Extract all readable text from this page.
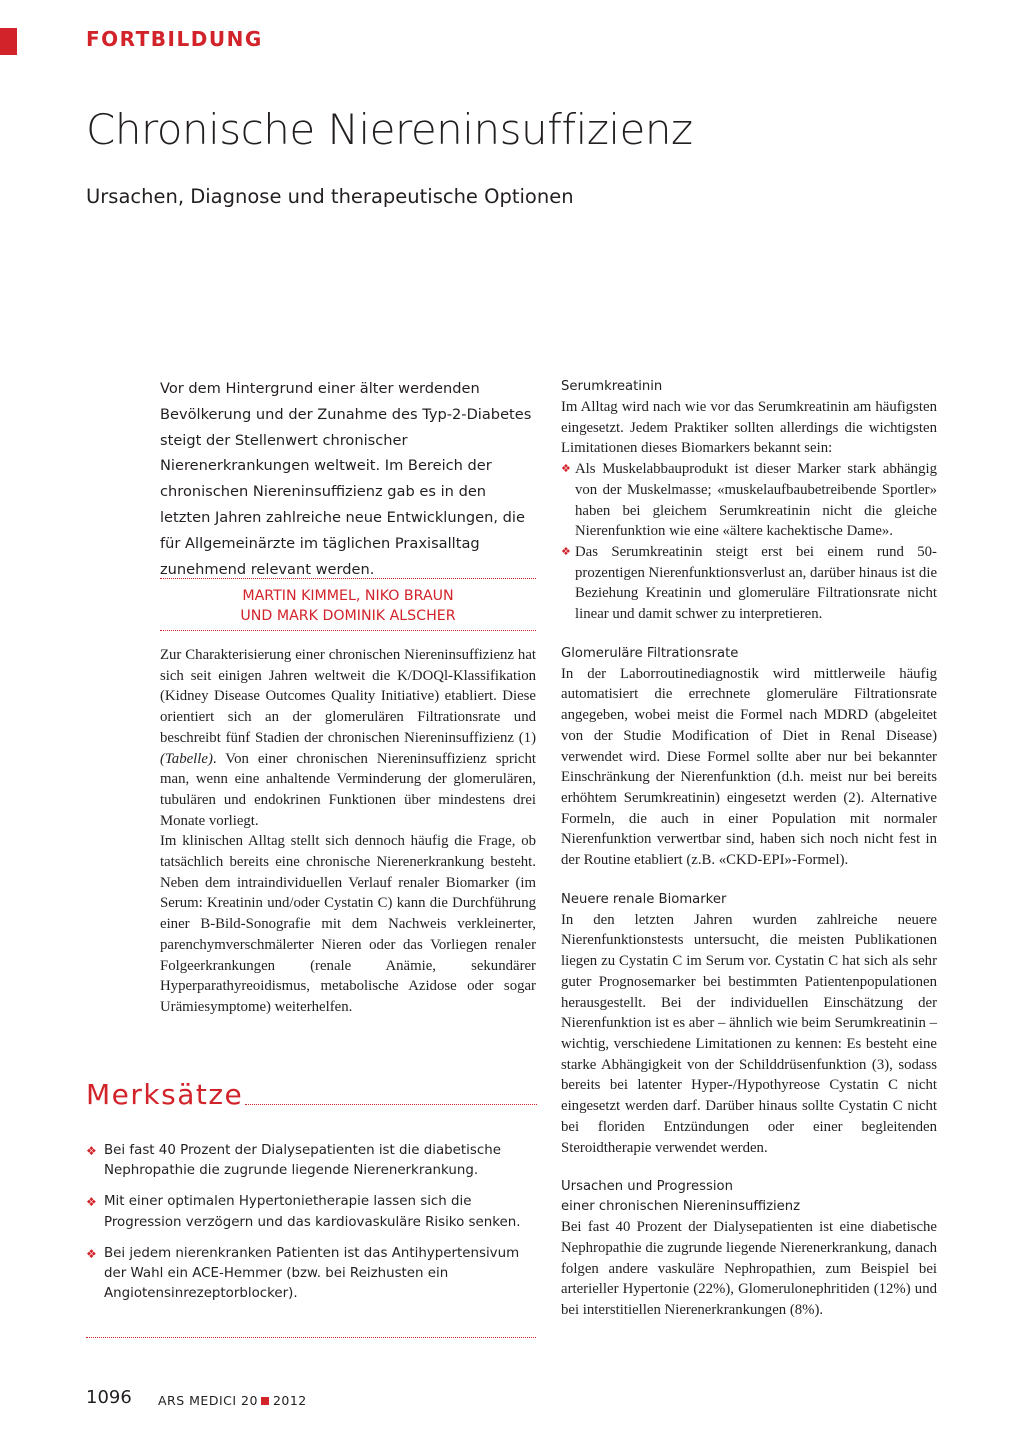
FORTBILDUNG
Chronische Niereninsuffizienz
Ursachen, Diagnose und therapeutische Optionen
Vor dem Hintergrund einer älter werdenden Bevölkerung und der Zunahme des Typ-2-Diabetes steigt der Stellenwert chronischer Nierenerkrankungen weltweit. Im Bereich der chronischen Niereninsuffizienz gab es in den letzten Jahren zahlreiche neue Entwicklungen, die für Allgemeinärzte im täglichen Praxisalltag zunehmend relevant werden.
MARTIN KIMMEL, NIKO BRAUN
UND MARK DOMINIK ALSCHER

Zur Charakterisierung einer chronischen Niereninsuffizienz hat sich seit einigen Jahren weltweit die K/DOQl-Klassifikation (Kidney Disease Outcomes Quality Initiative) etabliert. Diese orientiert sich an der glomerulären Filtrationsrate und beschreibt fünf Stadien der chronischen Niereninsuffizienz (1) (Tabelle). Von einer chronischen Niereninsuffizienz spricht man, wenn eine anhaltende Verminderung der glomerulären, tubulären und endokrinen Funktionen über mindestens drei Monate vorliegt.

Im klinischen Alltag stellt sich dennoch häufig die Frage, ob tatsächlich bereits eine chronische Nierenerkrankung besteht. Neben dem intraindividuellen Verlauf renaler Biomarker (im Serum: Kreatinin und/oder Cystatin C) kann die Durchführung einer B-Bild-Sonografie mit dem Nachweis verkleinerter, parenchymverschmälerter Nieren oder das Vorliegen renaler Folgeerkrankungen (renale Anämie, sekundärer Hyperparathyreoidismus, metabolische Azidose oder sogar Urämiesymptome) weiterhelfen.

Merksätze
❖ Bei fast 40 Prozent der Dialysepatienten ist die diabetische Nephropathie die zugrunde liegende Nierenerkrankung.
❖ Mit einer optimalen Hypertonietherapie lassen sich die Progression verzögern und das kardiovaskuläre Risiko senken.
❖ Bei jedem nierenkranken Patienten ist das Antihypertensivum der Wahl ein ACE-Hemmer (bzw. bei Reizhusten ein Angiotensinrezeptorblocker).

Serumkreatinin

Im Alltag wird nach wie vor das Serumkreatinin am häufigsten eingesetzt. Jedem Praktiker sollten allerdings die wichtigsten Limitationen dieses Biomarkers bekannt sein:

❖ Als Muskelabbauprodukt ist dieser Marker stark abhängig von der Muskelmasse; «muskelaufbaubetreibende Sportler» haben bei gleichem Serumkreatinin nicht die gleiche Nierenfunktion wie eine «ältere kachektische Dame».

❖ Das Serumkreatinin steigt erst bei einem rund 50-prozentigen Nierenfunktionsverlust an, darüber hinaus ist die Beziehung Kreatinin und glomeruläre Filtrationsrate nicht linear und damit schwer zu interpretieren.

Glomeruläre Filtrationsrate

In der Laborroutinediagnostik wird mittlerweile häufig automatisiert die errechnete glomeruläre Filtrationsrate angegeben, wobei meist die Formel nach MDRD (abgeleitet von der Studie Modification of Diet in Renal Disease) verwendet wird. Diese Formel sollte aber nur bei bekannter Einschränkung der Nierenfunktion (d.h. meist nur bei bereits erhöhtem Serumkreatinin) eingesetzt werden (2). Alternative Formeln, die auch in einer Population mit normaler Nierenfunktion verwertbar sind, haben sich noch nicht fest in der Routine etabliert (z.B. «CKD-EPI»-Formel).

Neuere renale Biomarker

In den letzten Jahren wurden zahlreiche neuere Nierenfunktionstests untersucht, die meisten Publikationen liegen zu Cystatin C im Serum vor. Cystatin C hat sich als sehr guter Prognosemarker bei bestimmten Patientenpopulationen herausgestellt. Bei der individuellen Einschätzung der Nierenfunktion ist es aber – ähnlich wie beim Serumkreatinin – wichtig, verschiedene Limitationen zu kennen: Es besteht eine starke Abhängigkeit von der Schilddrüsenfunktion (3), sodass bereits bei latenter Hyper-/Hypothyreose Cystatin C nicht eingesetzt werden darf. Darüber hinaus sollte Cystatin C nicht bei floriden Entzündungen oder einer begleitenden Steroidtherapie verwendet werden.

Ursachen und Progression

einer chronischen Niereninsuffizienz

Bei fast 40 Prozent der Dialysepatienten ist eine diabetische Nephropathie die zugrunde liegende Nierenerkrankung, danach folgen andere vaskuläre Nephropathien, zum Beispiel bei arterieller Hypertonie (22%), Glomerulonephritiden (12%) und bei interstitiellen Nierenerkrankungen (8%).

1096 ARS MEDICI 20 2012
